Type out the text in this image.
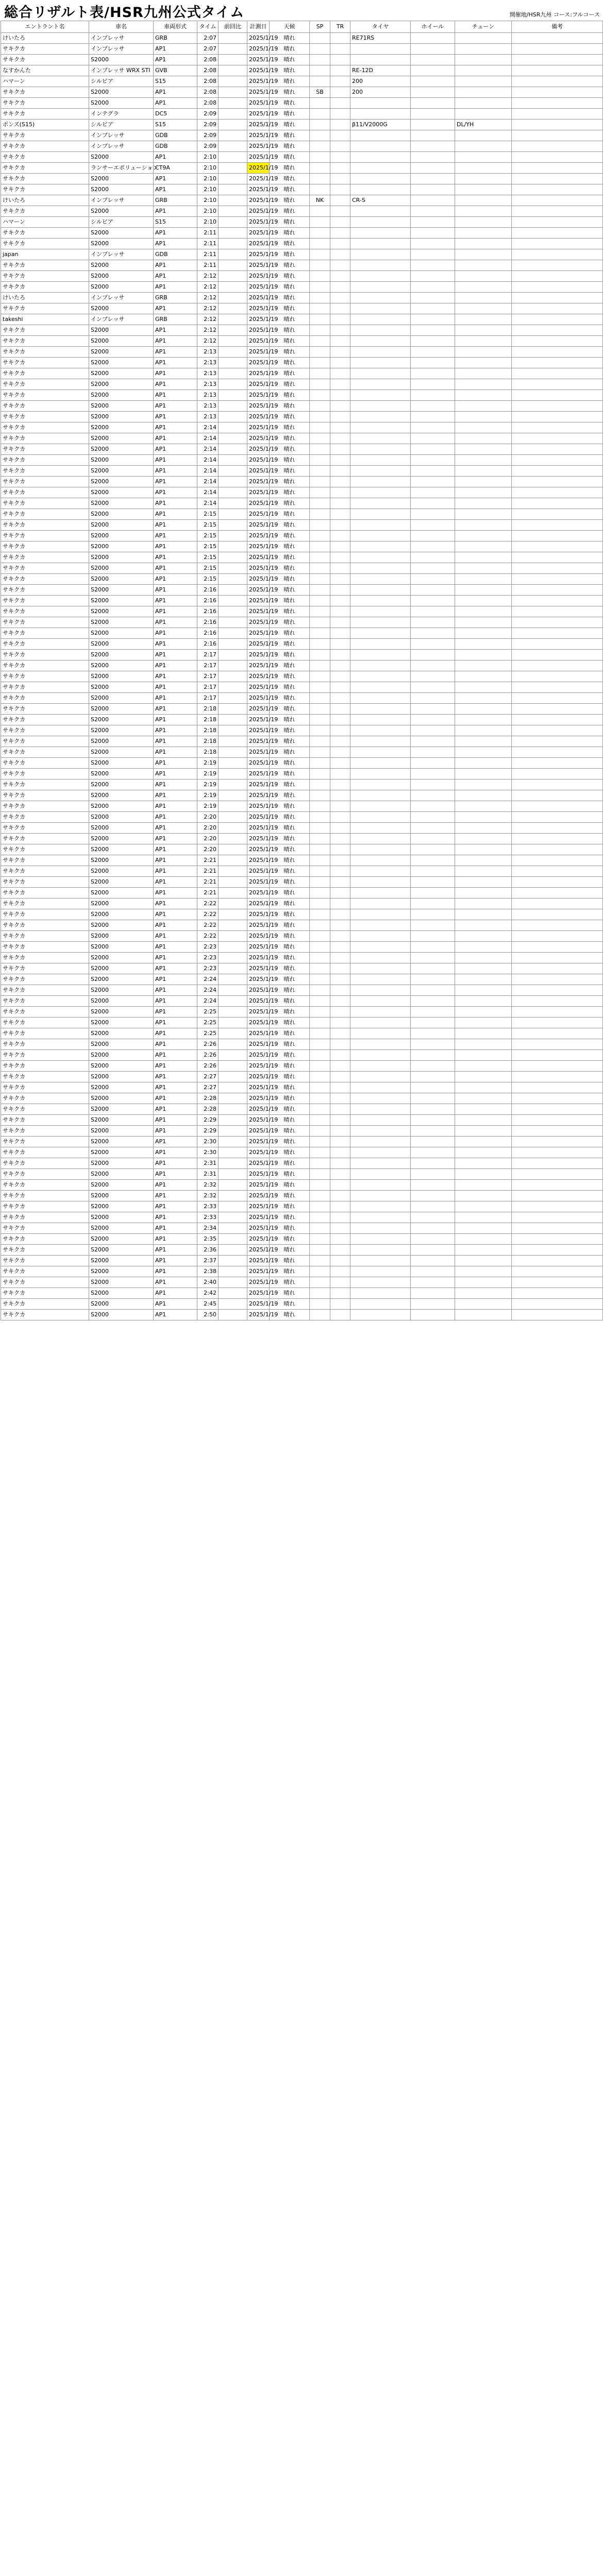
総合リザルト表/HSR九州公式タイム	開催地/HSR九州 コース:フルコース
エントラント名	車名	車両形式	タイム	前回比	計測日	天候	SP	TR	タイヤ	ホイール	チューン	備考
けいたろ	インプレッサ	GRB	2:07		2025/1/19	晴れ			RE71RS			
サキクカ	インプレッサ	AP1	2:07		2025/1/19	晴れ						
サキクカ	S2000	AP1	2:08		2025/1/19	晴れ						
なすかんた	インプレッサ WRX STI	GVB	2:08		2025/1/19	晴れ			RE-12D			
ハマーン	シルビア	S15	2:08		2025/1/19	晴れ			200			
サキクカ	S2000	AP1	2:08		2025/1/19	晴れ	SB		200			
サキクカ	S2000	AP1	2:08		2025/1/19	晴れ						
サキクカ	インテグラ	DC5	2:09		2025/1/19	晴れ						
ポンズ(S15)	シルビア	S15	2:09		2025/1/19	晴れ			β11/V2000G		DL/YH	
サキクカ	インプレッサ	GDB	2:09		2025/1/19	晴れ						
サキクカ	インプレッサ	GDB	2:09		2025/1/19	晴れ						
サキクカ	S2000	AP1	2:10		2025/1/19	晴れ						
サキクカ	ランサーエボリューション	CT9A	2:10		2025/1/19	晴れ						
サキクカ	S2000	AP1	2:10		2025/1/19	晴れ						
サキクカ	S2000	AP1	2:10		2025/1/19	晴れ						
けいたろ	インプレッサ	GRB	2:10		2025/1/19	晴れ	NK		CR-S			
サキクカ	S2000	AP1	2:10		2025/1/19	晴れ						
ハマーン	シルビア	S15	2:10		2025/1/19	晴れ						
サキクカ	S2000	AP1	2:11		2025/1/19	晴れ						
サキクカ	S2000	AP1	2:11		2025/1/19	晴れ						
japan	インプレッサ	GDB	2:11		2025/1/19	晴れ						
サキクカ	S2000	AP1	2:11		2025/1/19	晴れ						
サキクカ	S2000	AP1	2:12		2025/1/19	晴れ						
サキクカ	S2000	AP1	2:12		2025/1/19	晴れ						
けいたろ	インプレッサ	GRB	2:12		2025/1/19	晴れ						
サキクカ	S2000	AP1	2:12		2025/1/19	晴れ						
takeshi	インプレッサ	GRB	2:12		2025/1/19	晴れ						
サキクカ	S2000	AP1	2:12		2025/1/19	晴れ						
サキクカ	S2000	AP1	2:12		2025/1/19	晴れ						
サキクカ	S2000	AP1	2:13		2025/1/19	晴れ						
サキクカ	S2000	AP1	2:13		2025/1/19	晴れ						
サキクカ	S2000	AP1	2:13		2025/1/19	晴れ						
サキクカ	S2000	AP1	2:13		2025/1/19	晴れ						
サキクカ	S2000	AP1	2:13		2025/1/19	晴れ						
サキクカ	S2000	AP1	2:13		2025/1/19	晴れ						
サキクカ	S2000	AP1	2:13		2025/1/19	晴れ						
サキクカ	S2000	AP1	2:14		2025/1/19	晴れ						
サキクカ	S2000	AP1	2:14		2025/1/19	晴れ						
サキクカ	S2000	AP1	2:14		2025/1/19	晴れ						
サキクカ	S2000	AP1	2:14		2025/1/19	晴れ						
サキクカ	S2000	AP1	2:14		2025/1/19	晴れ						
サキクカ	S2000	AP1	2:14		2025/1/19	晴れ						
サキクカ	S2000	AP1	2:14		2025/1/19	晴れ						
サキクカ	S2000	AP1	2:14		2025/1/19	晴れ						
サキクカ	S2000	AP1	2:15		2025/1/19	晴れ						
サキクカ	S2000	AP1	2:15		2025/1/19	晴れ						
サキクカ	S2000	AP1	2:15		2025/1/19	晴れ						
サキクカ	S2000	AP1	2:15		2025/1/19	晴れ						
サキクカ	S2000	AP1	2:15		2025/1/19	晴れ						
サキクカ	S2000	AP1	2:15		2025/1/19	晴れ						
サキクカ	S2000	AP1	2:15		2025/1/19	晴れ						
サキクカ	S2000	AP1	2:16		2025/1/19	晴れ						
サキクカ	S2000	AP1	2:16		2025/1/19	晴れ						
サキクカ	S2000	AP1	2:16		2025/1/19	晴れ						
サキクカ	S2000	AP1	2:16		2025/1/19	晴れ						
サキクカ	S2000	AP1	2:16		2025/1/19	晴れ						
サキクカ	S2000	AP1	2:16		2025/1/19	晴れ						
サキクカ	S2000	AP1	2:17		2025/1/19	晴れ						
サキクカ	S2000	AP1	2:17		2025/1/19	晴れ						
サキクカ	S2000	AP1	2:17		2025/1/19	晴れ						
サキクカ	S2000	AP1	2:17		2025/1/19	晴れ						
サキクカ	S2000	AP1	2:17		2025/1/19	晴れ						
サキクカ	S2000	AP1	2:18		2025/1/19	晴れ						
サキクカ	S2000	AP1	2:18		2025/1/19	晴れ						
サキクカ	S2000	AP1	2:18		2025/1/19	晴れ						
サキクカ	S2000	AP1	2:18		2025/1/19	晴れ						
サキクカ	S2000	AP1	2:18		2025/1/19	晴れ						
サキクカ	S2000	AP1	2:19		2025/1/19	晴れ						
サキクカ	S2000	AP1	2:19		2025/1/19	晴れ						
サキクカ	S2000	AP1	2:19		2025/1/19	晴れ						
サキクカ	S2000	AP1	2:19		2025/1/19	晴れ						
サキクカ	S2000	AP1	2:19		2025/1/19	晴れ						
サキクカ	S2000	AP1	2:20		2025/1/19	晴れ						
サキクカ	S2000	AP1	2:20		2025/1/19	晴れ						
サキクカ	S2000	AP1	2:20		2025/1/19	晴れ						
サキクカ	S2000	AP1	2:20		2025/1/19	晴れ						
サキクカ	S2000	AP1	2:21		2025/1/19	晴れ						
サキクカ	S2000	AP1	2:21		2025/1/19	晴れ						
サキクカ	S2000	AP1	2:21		2025/1/19	晴れ						
サキクカ	S2000	AP1	2:21		2025/1/19	晴れ						
サキクカ	S2000	AP1	2:22		2025/1/19	晴れ						
サキクカ	S2000	AP1	2:22		2025/1/19	晴れ						
サキクカ	S2000	AP1	2:22		2025/1/19	晴れ						
サキクカ	S2000	AP1	2:22		2025/1/19	晴れ						
サキクカ	S2000	AP1	2:23		2025/1/19	晴れ						
サキクカ	S2000	AP1	2:23		2025/1/19	晴れ						
サキクカ	S2000	AP1	2:23		2025/1/19	晴れ						
サキクカ	S2000	AP1	2:24		2025/1/19	晴れ						
サキクカ	S2000	AP1	2:24		2025/1/19	晴れ						
サキクカ	S2000	AP1	2:24		2025/1/19	晴れ						
サキクカ	S2000	AP1	2:25		2025/1/19	晴れ						
サキクカ	S2000	AP1	2:25		2025/1/19	晴れ						
サキクカ	S2000	AP1	2:25		2025/1/19	晴れ						
サキクカ	S2000	AP1	2:26		2025/1/19	晴れ						
サキクカ	S2000	AP1	2:26		2025/1/19	晴れ						
サキクカ	S2000	AP1	2:26		2025/1/19	晴れ						
サキクカ	S2000	AP1	2:27		2025/1/19	晴れ						
サキクカ	S2000	AP1	2:27		2025/1/19	晴れ						
サキクカ	S2000	AP1	2:28		2025/1/19	晴れ						
サキクカ	S2000	AP1	2:28		2025/1/19	晴れ						
サキクカ	S2000	AP1	2:29		2025/1/19	晴れ						
サキクカ	S2000	AP1	2:29		2025/1/19	晴れ						
サキクカ	S2000	AP1	2:30		2025/1/19	晴れ						
サキクカ	S2000	AP1	2:30		2025/1/19	晴れ						
サキクカ	S2000	AP1	2:31		2025/1/19	晴れ						
サキクカ	S2000	AP1	2:31		2025/1/19	晴れ						
サキクカ	S2000	AP1	2:32		2025/1/19	晴れ						
サキクカ	S2000	AP1	2:32		2025/1/19	晴れ						
サキクカ	S2000	AP1	2:33		2025/1/19	晴れ						
サキクカ	S2000	AP1	2:33		2025/1/19	晴れ						
サキクカ	S2000	AP1	2:34		2025/1/19	晴れ						
サキクカ	S2000	AP1	2:35		2025/1/19	晴れ						
サキクカ	S2000	AP1	2:36		2025/1/19	晴れ						
サキクカ	S2000	AP1	2:37		2025/1/19	晴れ						
サキクカ	S2000	AP1	2:38		2025/1/19	晴れ						
サキクカ	S2000	AP1	2:40		2025/1/19	晴れ						
サキクカ	S2000	AP1	2:42		2025/1/19	晴れ						
サキクカ	S2000	AP1	2:45		2025/1/19	晴れ						
サキクカ	S2000	AP1	2:50		2025/1/19	晴れ						
